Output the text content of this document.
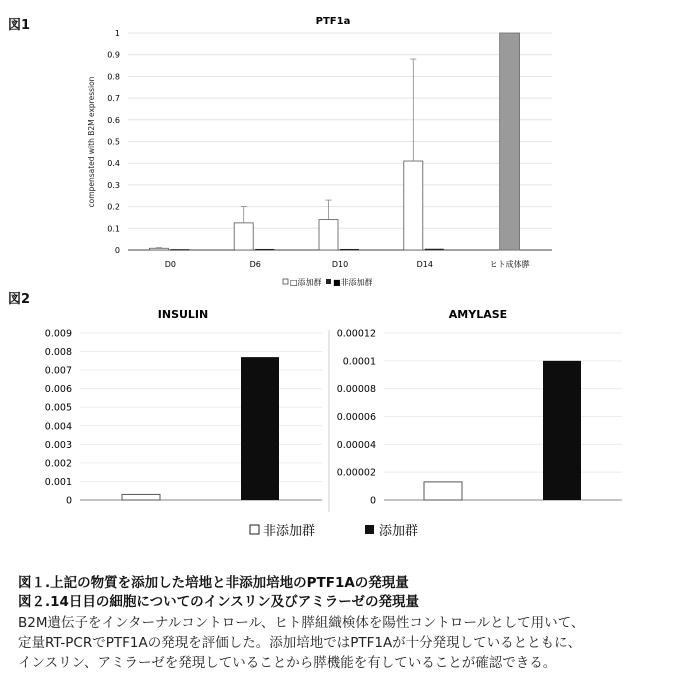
図1
図2
PTF1a
compensated with B2M expression
0
0.1
0.2
0.3
0.4
0.5
0.6
0.7
0.8
0.9
1
D0	D6	D10	D14	ヒト成体膵
□添加群 ■非添加群
INSULIN	AMYLASE
0
0.001
0.002
0.003
0.004
0.005
0.006
0.007
0.008
0.009
0
0.00002
0.00004
0.00006
0.00008
0.0001
0.00012
非添加群	添加群
図１.上記の物質を添加した培地と非添加培地のPTF1Aの発現量
図２.14日目の細胞についてのインスリン及びアミラーゼの発現量
B2M遺伝子をインターナルコントロール、ヒト膵組織検体を陽性コントロールとして用いて、
定量RT-PCRでPTF1Aの発現を評価した。添加培地ではPTF1Aが十分発現しているとともに、
インスリン、アミラーゼを発現していることから膵機能を有していることが確認できる。
